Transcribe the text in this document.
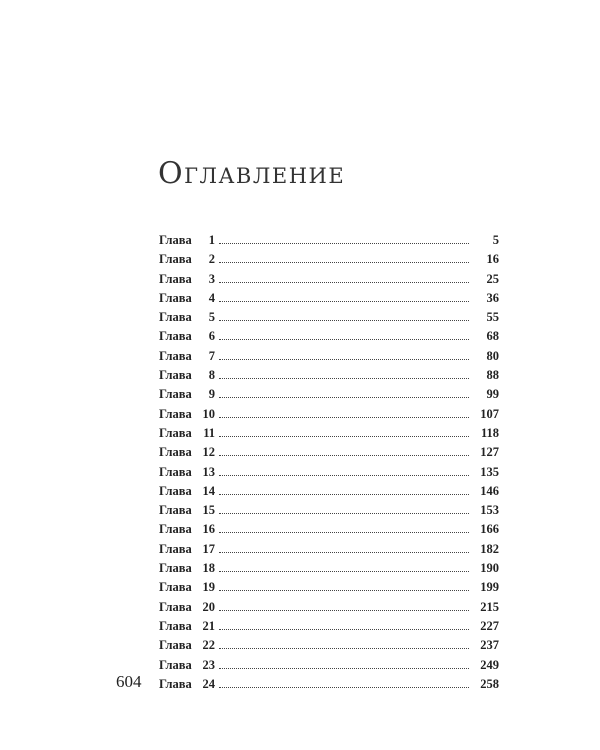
Оглавление
Глава 1	5
Глава 2	16
Глава 3	25
Глава 4	36
Глава 5	55
Глава 6	68
Глава 7	80
Глава 8	88
Глава 9	99
Глава 10	107
Глава 11	118
Глава 12	127
Глава 13	135
Глава 14	146
Глава 15	153
Глава 16	166
Глава 17	182
Глава 18	190
Глава 19	199
Глава 20	215
Глава 21	227
Глава 22	237
Глава 23	249
Глава 24	258
604
